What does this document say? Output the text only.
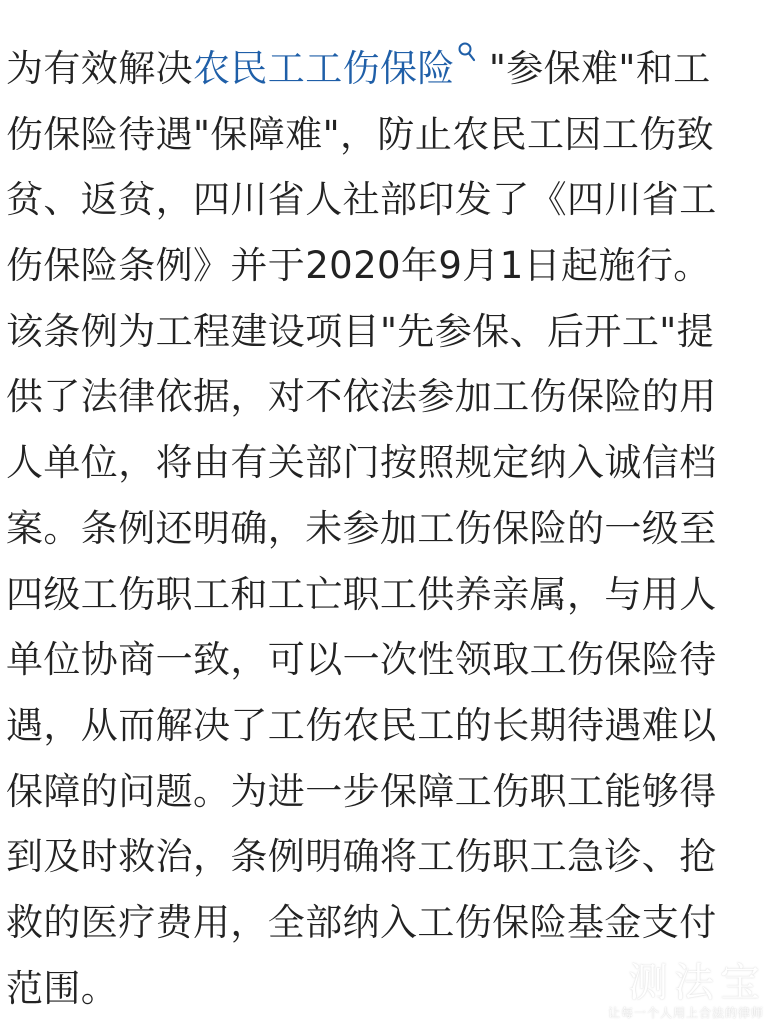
为有效解决农民工工伤保险 "参保难"和工
伤保险待遇"保障难"，防止农民工因工伤致
贫、返贫，四川省人社部印发了《四川省工
伤保险条例》并于2020年9月1日起施行。
该条例为工程建设项目"先参保、后开工"提
供了法律依据，对不依法参加工伤保险的用
人单位，将由有关部门按照规定纳入诚信档
案。条例还明确，未参加工伤保险的一级至
四级工伤职工和工亡职工供养亲属，与用人
单位协商一致，可以一次性领取工伤保险待
遇，从而解决了工伤农民工的长期待遇难以
保障的问题。为进一步保障工伤职工能够得
到及时救治，条例明确将工伤职工急诊、抢
救的医疗费用，全部纳入工伤保险基金支付
范围。	测法宝
让每一个人用上合法的律师
